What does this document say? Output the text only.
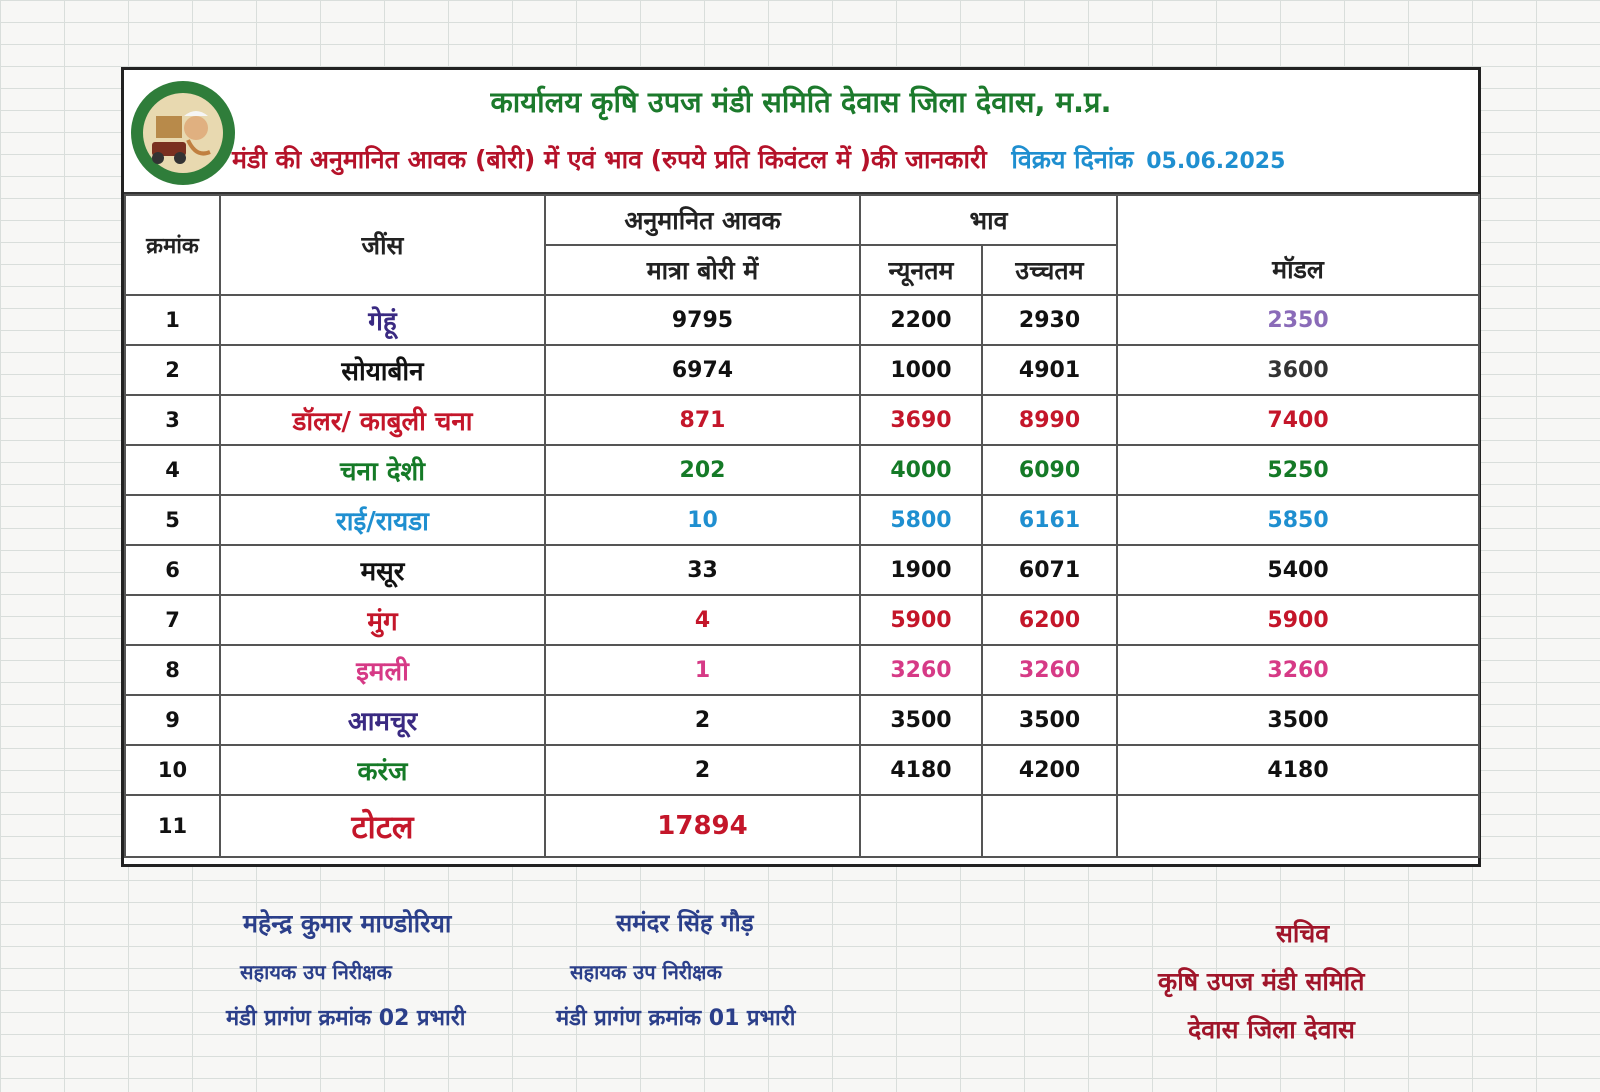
कार्यालय कृषि उपज मंडी समिति देवास जिला देवास, म.प्र.
मंडी की अनुमानित आवक (बोरी) में एवं भाव (रुपये प्रति किवंटल में )की जानकारी विक्रय दिनांक 05.06.2025
क्रमांक	जींस	अनुमानित आवक	भाव		मॉडल
		मात्रा बोरी में	न्यूनतम	उच्चतम	
1	गेहूं	9795	2200	2930	2350
2	सोयाबीन	6974	1000	4901	3600
3	डॉलर/ काबुली चना	871	3690	8990	7400
4	चना देशी	202	4000	6090	5250
5	राई/रायडा	10	5800	6161	5850
6	मसूर	33	1900	6071	5400
7	मुंग	4	5900	6200	5900
8	इमली	1	3260	3260	3260
9	आमचूर	2	3500	3500	3500
10	करंज	2	4180	4200	4180
11	टोटल	17894			
महेन्द्र कुमार माण्डोरिया
सहायक उप निरीक्षक
मंडी प्रागंण क्रमांक 02 प्रभारी
समंदर सिंह गौड़
सहायक उप निरीक्षक
मंडी प्रागंण क्रमांक 01 प्रभारी
सचिव
कृषि उपज मंडी समिति
देवास जिला देवास
